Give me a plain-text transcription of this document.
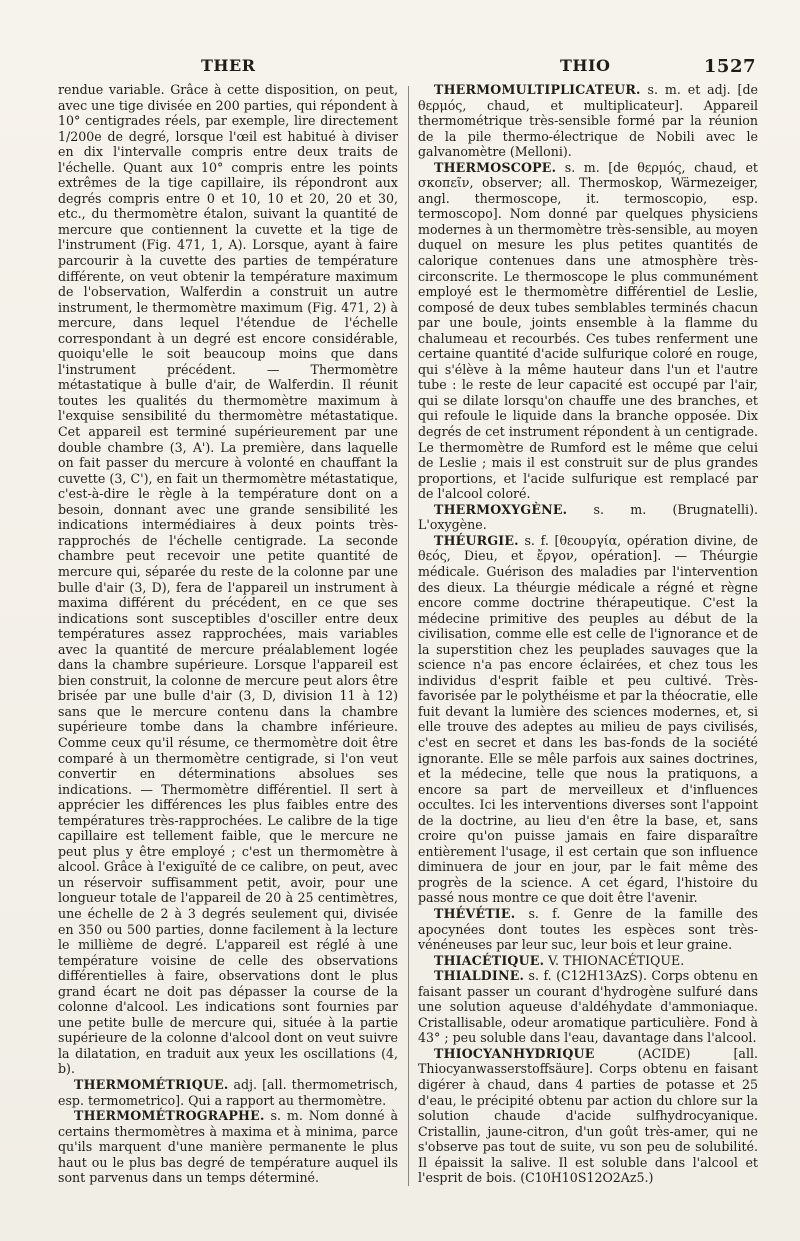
THER	THIO	1527

rendue variable. Grâce à cette disposition, on peut, avec une tige divisée en 200 parties, qui répondent à 10° centigrades réels, par exemple, lire directement 1/200e de degré, lorsque l'œil est habitué à diviser en dix l'intervalle compris entre deux traits de l'échelle. Quant aux 10° compris entre les points extrêmes de la tige capillaire, ils répondront aux degrés compris entre 0 et 10, 10 et 20, 20 et 30, etc., du thermomètre étalon, suivant la quantité de mercure que contiennent la cuvette et la tige de l'instrument (Fig. 471, 1, A). Lorsque, ayant à faire parcourir à la cuvette des parties de température différente, on veut obtenir la température maximum de l'observation, Walferdin a construit un autre instrument, le thermomètre maximum (Fig. 471, 2) à mercure, dans lequel l'étendue de l'échelle correspondant à un degré est encore considérable, quoiqu'elle le soit beaucoup moins que dans l'instrument précédent. — Thermomètre métastatique à bulle d'air, de Walferdin. Il réunit toutes les qualités du thermomètre maximum à l'exquise sensibilité du thermomètre métastatique. Cet appareil est terminé supérieurement par une double chambre (3, A'). La première, dans laquelle on fait passer du mercure à volonté en chauffant la cuvette (3, C'), en fait un thermomètre métastatique, c'est-à-dire le règle à la température dont on a besoin, donnant avec une grande sensibilité les indications intermédiaires à deux points très-rapprochés de l'échelle centigrade. La seconde chambre peut recevoir une petite quantité de mercure qui, séparée du reste de la colonne par une bulle d'air (3, D), fera de l'appareil un instrument à maxima différent du précédent, en ce que ses indications sont susceptibles d'osciller entre deux températures assez rapprochées, mais variables avec la quantité de mercure préalablement logée dans la chambre supérieure. Lorsque l'appareil est bien construit, la colonne de mercure peut alors être brisée par une bulle d'air (3, D, division 11 à 12) sans que le mercure contenu dans la chambre supérieure tombe dans la chambre inférieure. Comme ceux qu'il résume, ce thermomètre doit être comparé à un thermomètre centigrade, si l'on veut convertir en déterminations absolues ses indications. — Thermomètre différentiel. Il sert à apprécier les différences les plus faibles entre des températures très-rapprochées. Le calibre de la tige capillaire est tellement faible, que le mercure ne peut plus y être employé ; c'est un thermomètre à alcool. Grâce à l'exiguïté de ce calibre, on peut, avec un réservoir suffisamment petit, avoir, pour une longueur totale de l'appareil de 20 à 25 centimètres, une échelle de 2 à 3 degrés seulement qui, divisée en 350 ou 500 parties, donne facilement à la lecture le millième de degré. L'appareil est réglé à une température voisine de celle des observations différentielles à faire, observations dont le plus grand écart ne doit pas dépasser la course de la colonne d'alcool. Les indications sont fournies par une petite bulle de mercure qui, située à la partie supérieure de la colonne d'alcool dont on veut suivre la dilatation, en traduit aux yeux les oscillations (4, b).

THERMOMÉTRIQUE. adj. [all. thermometrisch, esp. termometrico]. Qui a rapport au thermomètre.

THERMOMÉTROGRAPHE. s. m. Nom donné à certains thermomètres à maxima et à minima, parce qu'ils marquent d'une manière permanente le plus haut ou le plus bas degré de température auquel ils sont parvenus dans un temps déterminé.

THERMOMULTIPLICATEUR. s. m. et adj. [de θερμός, chaud, et multiplicateur]. Appareil thermométrique très-sensible formé par la réunion de la pile thermo-électrique de Nobili avec le galvanomètre (Melloni).

THERMOSCOPE. s. m. [de θερμός, chaud, et σκοπεῖν, observer; all. Thermoskop, Wärmezeiger, angl. thermoscope, it. termoscopio, esp. termoscopo]. Nom donné par quelques physiciens modernes à un thermomètre très-sensible, au moyen duquel on mesure les plus petites quantités de calorique contenues dans une atmosphère très-circonscrite. Le thermoscope le plus communément employé est le thermomètre différentiel de Leslie, composé de deux tubes semblables terminés chacun par une boule, joints ensemble à la flamme du chalumeau et recourbés. Ces tubes renferment une certaine quantité d'acide sulfurique coloré en rouge, qui s'élève à la même hauteur dans l'un et l'autre tube : le reste de leur capacité est occupé par l'air, qui se dilate lorsqu'on chauffe une des branches, et qui refoule le liquide dans la branche opposée. Dix degrés de cet instrument répondent à un centigrade. Le thermomètre de Rumford est le même que celui de Leslie ; mais il est construit sur de plus grandes proportions, et l'acide sulfurique est remplacé par de l'alcool coloré.

THERMOXYGÈNE. s. m. (Brugnatelli). L'oxygène.

THÉURGIE. s. f. [θεουργία, opération divine, de θεός, Dieu, et ἔργον, opération]. — Théurgie médicale. Guérison des maladies par l'intervention des dieux. La théurgie médicale a régné et règne encore comme doctrine thérapeutique. C'est la médecine primitive des peuples au début de la civilisation, comme elle est celle de l'ignorance et de la superstition chez les peuplades sauvages que la science n'a pas encore éclairées, et chez tous les individus d'esprit faible et peu cultivé. Très-favorisée par le polythéisme et par la théocratie, elle fuit devant la lumière des sciences modernes, et, si elle trouve des adeptes au milieu de pays civilisés, c'est en secret et dans les bas-fonds de la société ignorante. Elle se mêle parfois aux saines doctrines, et la médecine, telle que nous la pratiquons, a encore sa part de merveilleux et d'influences occultes. Ici les interventions diverses sont l'appoint de la doctrine, au lieu d'en être la base, et, sans croire qu'on puisse jamais en faire disparaître entièrement l'usage, il est certain que son influence diminuera de jour en jour, par le fait même des progrès de la science. A cet égard, l'histoire du passé nous montre ce que doit être l'avenir.

THÉVÉTIE. s. f. Genre de la famille des apocynées dont toutes les espèces sont très-vénéneuses par leur suc, leur bois et leur graine.

THIACÉTIQUE. V. THIONACÉTIQUE.

THIALDINE. s. f. (C12H13AzS). Corps obtenu en faisant passer un courant d'hydrogène sulfuré dans une solution aqueuse d'aldéhydate d'ammoniaque. Cristallisable, odeur aromatique particulière. Fond à 43° ; peu soluble dans l'eau, davantage dans l'alcool.

THIOCYANHYDRIQUE (ACIDE) [all. Thiocyanwasserstoffsäure]. Corps obtenu en faisant digérer à chaud, dans 4 parties de potasse et 25 d'eau, le précipité obtenu par action du chlore sur la solution chaude d'acide sulfhydrocyanique. Cristallin, jaune-citron, d'un goût très-amer, qui ne s'observe pas tout de suite, vu son peu de solubilité. Il épaissit la salive. Il est soluble dans l'alcool et l'esprit de bois. (C10H10S12O2Az5.)
